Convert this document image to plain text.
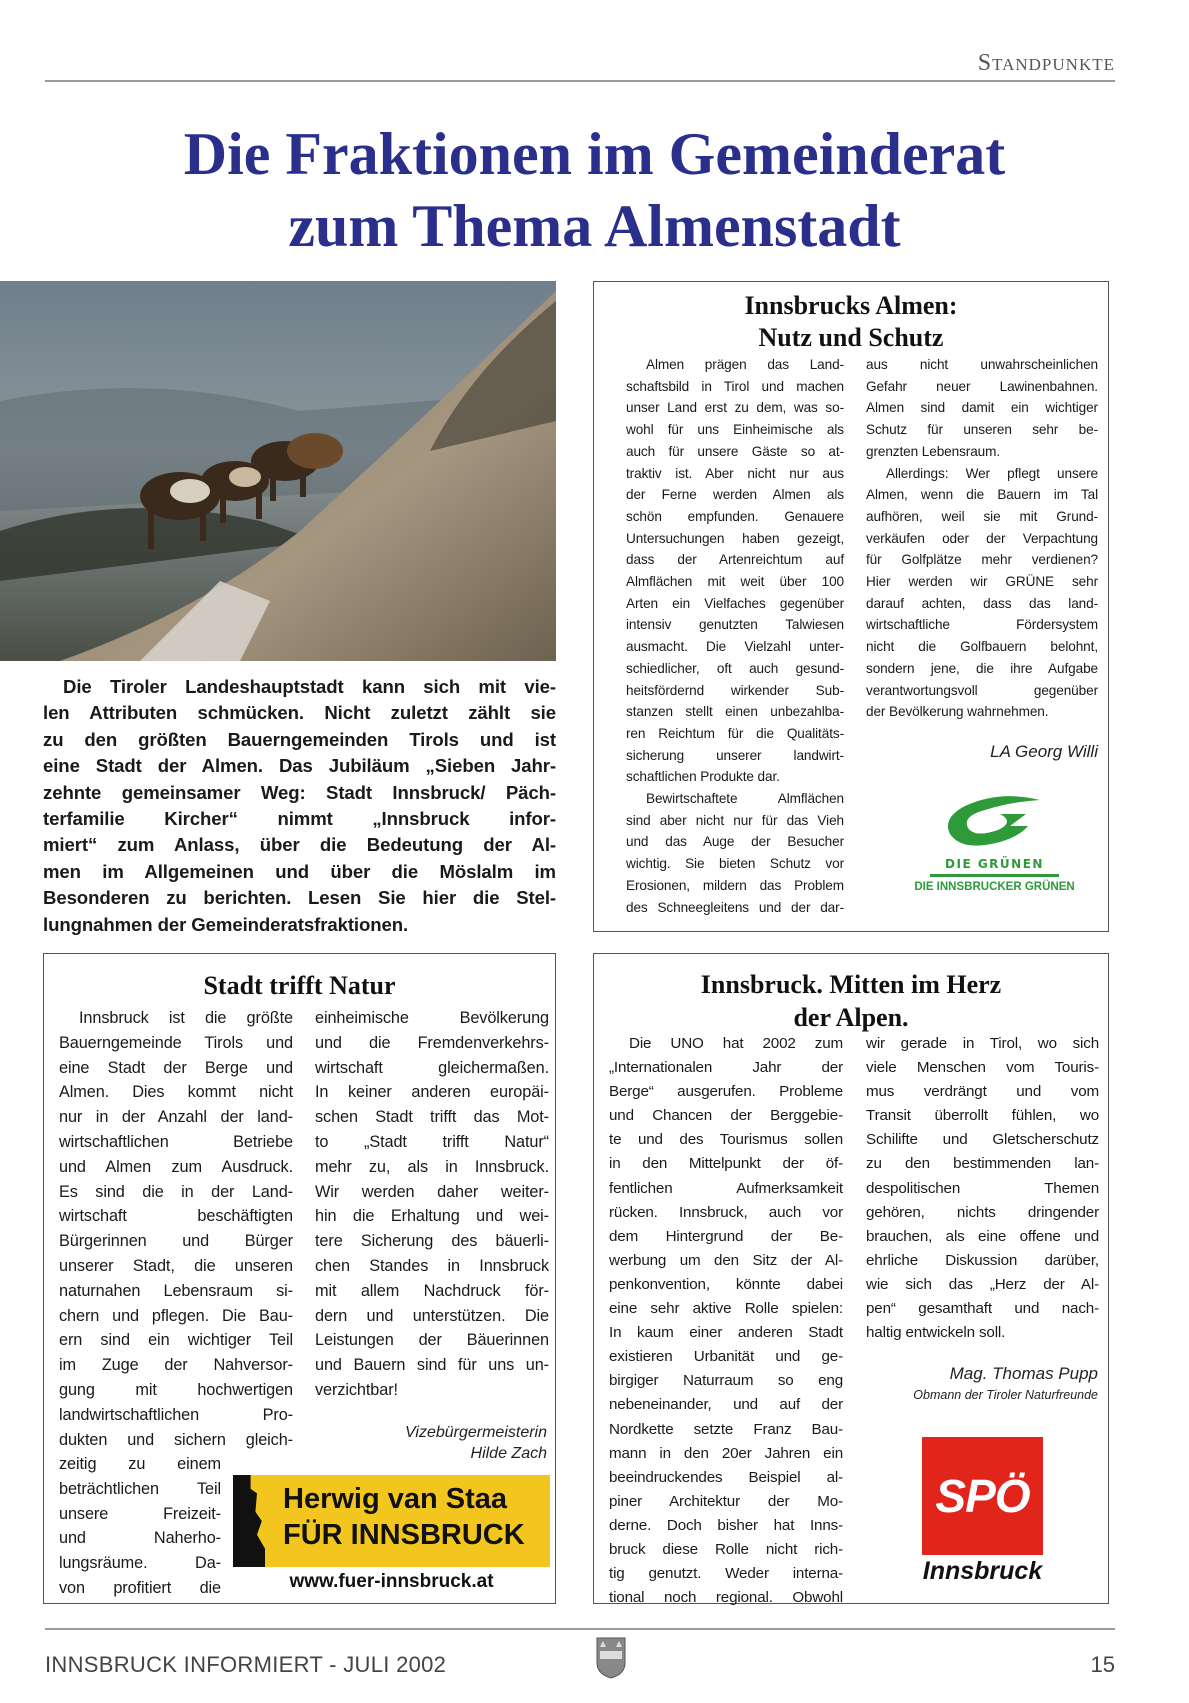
Standpunkte
Die Fraktionen im Gemeinderat
zum Thema Almenstadt
Die Tiroler Landeshauptstadt kann sich mit vie-
len Attributen schmücken. Nicht zuletzt zählt sie
zu den größten Bauerngemeinden Tirols und ist
eine Stadt der Almen. Das Jubiläum „Sieben Jahr-
zehnte gemeinsamer Weg: Stadt Innsbruck/ Päch-
terfamilie Kircher“ nimmt „Innsbruck infor-
miert“ zum Anlass, über die Bedeutung der Al-
men im Allgemeinen und über die Möslalm im
Besonderen zu berichten. Lesen Sie hier die Stel-
lungnahmen der Gemeinderatsfraktionen.
Innsbrucks Almen:
Nutz und Schutz
Almen prägen das Land-
schaftsbild in Tirol und machen
unser Land erst zu dem, was so-
wohl für uns Einheimische als
auch für unsere Gäste so at-
traktiv ist. Aber nicht nur aus
der Ferne werden Almen als
schön empfunden. Genauere
Untersuchungen haben gezeigt,
dass der Artenreichtum auf
Almflächen mit weit über 100
Arten ein Vielfaches gegenüber
intensiv genutzten Talwiesen
ausmacht. Die Vielzahl unter-
schiedlicher, oft auch gesund-
heitsfördernd wirkender Sub-
stanzen stellt einen unbezahlba-
ren Reichtum für die Qualitäts-
sicherung unserer landwirt-
schaftlichen Produkte dar.
Bewirtschaftete Almflächen
sind aber nicht nur für das Vieh
und das Auge der Besucher
wichtig. Sie bieten Schutz vor
Erosionen, mildern das Problem
des Schneegleitens und der dar-
aus nicht unwahrscheinlichen
Gefahr neuer Lawinenbahnen.
Almen sind damit ein wichtiger
Schutz für unseren sehr be-
grenzten Lebensraum.
Allerdings: Wer pflegt unsere
Almen, wenn die Bauern im Tal
aufhören, weil sie mit Grund-
verkäufen oder der Verpachtung
für Golfplätze mehr verdienen?
Hier werden wir GRÜNE sehr
darauf achten, dass das land-
wirtschaftliche Fördersystem
nicht die Golfbauern belohnt,
sondern jene, die ihre Aufgabe
verantwortungsvoll gegenüber
der Bevölkerung wahrnehmen.
LA Georg Willi
DIE GRÜNEN
DIE INNSBRUCKER GRÜNEN
Stadt trifft Natur
Innsbruck ist die größte
Bauerngemeinde Tirols und
eine Stadt der Berge und
Almen. Dies kommt nicht
nur in der Anzahl der land-
wirtschaftlichen Betriebe
und Almen zum Ausdruck.
Es sind die in der Land-
wirtschaft beschäftigten
Bürgerinnen und Bürger
unserer Stadt, die unseren
naturnahen Lebensraum si-
chern und pflegen. Die Bau-
ern sind ein wichtiger Teil
im Zuge der Nahversor-
gung mit hochwertigen
landwirtschaftlichen Pro-
dukten und sichern gleich-
zeitig zu einem
beträchtlichen Teil
unsere Freizeit-
und Naherho-
lungsräume. Da-
von profitiert die
einheimische Bevölkerung
und die Fremdenverkehrs-
wirtschaft gleichermaßen.
In keiner anderen europäi-
schen Stadt trifft das Mot-
to „Stadt trifft Natur“
mehr zu, als in Innsbruck.
Wir werden daher weiter-
hin die Erhaltung und wei-
tere Sicherung des bäuerli-
chen Standes in Innsbruck
mit allem Nachdruck för-
dern und unterstützen. Die
Leistungen der Bäuerinnen
und Bauern sind für uns un-
verzichtbar!
Vizebürgermeisterin
Hilde Zach
Herwig van Staa
FÜR INNSBRUCK
www.fuer-innsbruck.at
Innsbruck. Mitten im Herz
der Alpen.
Die UNO hat 2002 zum
„Internationalen Jahr der
Berge“ ausgerufen. Probleme
und Chancen der Berggebie-
te und des Tourismus sollen
in den Mittelpunkt der öf-
fentlichen Aufmerksamkeit
rücken. Innsbruck, auch vor
dem Hintergrund der Be-
werbung um den Sitz der Al-
penkonvention, könnte dabei
eine sehr aktive Rolle spielen:
In kaum einer anderen Stadt
existieren Urbanität und ge-
birgiger Naturraum so eng
nebeneinander, und auf der
Nordkette setzte Franz Bau-
mann in den 20er Jahren ein
beeindruckendes Beispiel al-
piner Architektur der Mo-
derne. Doch bisher hat Inns-
bruck diese Rolle nicht rich-
tig genutzt. Weder interna-
tional noch regional. Obwohl
wir gerade in Tirol, wo sich
viele Menschen vom Touris-
mus verdrängt und vom
Transit überrollt fühlen, wo
Schilifte und Gletscherschutz
zu den bestimmenden lan-
despolitischen Themen
gehören, nichts dringender
brauchen, als eine offene und
ehrliche Diskussion darüber,
wie sich das „Herz der Al-
pen“ gesamthaft und nach-
haltig entwickeln soll.
Mag. Thomas Pupp
Obmann der Tiroler Naturfreunde
SPÖ
Innsbruck
INNSBRUCK INFORMIERT - JULI 2002	15
